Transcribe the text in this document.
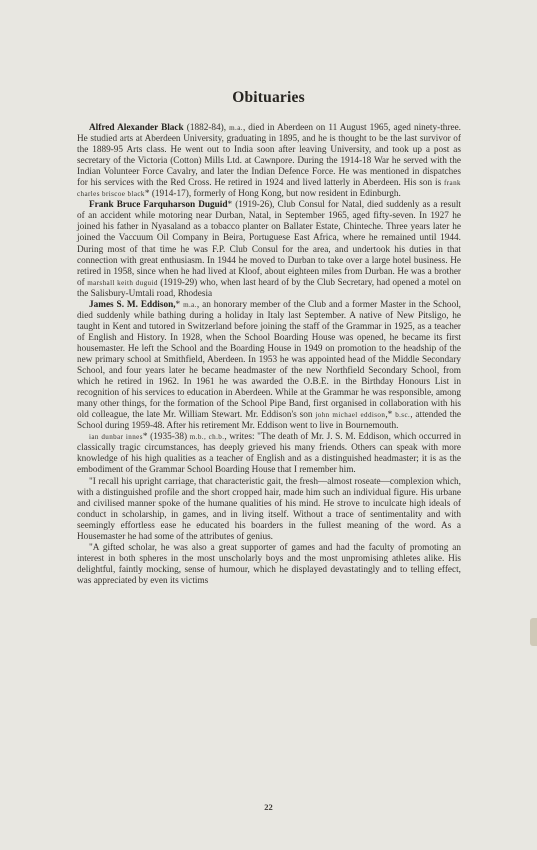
Obituaries

Alfred Alexander Black (1882-84), m.a., died in Aberdeen on 11 August 1965, aged ninety-three. He studied arts at Aberdeen University, graduating in 1895, and he is thought to be the last survivor of the 1889-95 Arts class. He went out to India soon after leaving University, and took up a post as secretary of the Victoria (Cotton) Mills Ltd. at Cawnpore. During the 1914-18 War he served with the Indian Volunteer Force Cavalry, and later the Indian Defence Force. He was mentioned in dispatches for his services with the Red Cross. He retired in 1924 and lived latterly in Aberdeen. His son is frank charles briscoe black* (1914-17), formerly of Hong Kong, but now resident in Edinburgh.

Frank Bruce Farquharson Duguid* (1919-26), Club Consul for Natal, died suddenly as a result of an accident while motoring near Durban, Natal, in September 1965, aged fifty-seven. In 1927 he joined his father in Nyasaland as a tobacco planter on Ballater Estate, Chinteche. Three years later he joined the Vaccuum Oil Company in Beira, Portuguese East Africa, where he remained until 1944. During most of that time he was F.P. Club Consul for the area, and undertook his duties in that connection with great enthusiasm. In 1944 he moved to Durban to take over a large hotel business. He retired in 1958, since when he had lived at Kloof, about eighteen miles from Durban. He was a brother of marshall keith duguid (1919-29) who, when last heard of by the Club Secretary, had opened a motel on the Salisbury-Umtali road, Rhodesia

James S. M. Eddison,* m.a., an honorary member of the Club and a former Master in the School, died suddenly while bathing during a holiday in Italy last September. A native of New Pitsligo, he taught in Kent and tutored in Switzerland before joining the staff of the Grammar in 1925, as a teacher of English and History. In 1928, when the School Boarding House was opened, he became its first housemaster. He left the School and the Boarding House in 1949 on promotion to the headship of the new primary school at Smithfield, Aberdeen. In 1953 he was appointed head of the Middle Secondary School, and four years later he became headmaster of the new Northfield Secondary School, from which he retired in 1962. In 1961 he was awarded the O.B.E. in the Birthday Honours List in recognition of his services to education in Aberdeen. While at the Grammar he was responsible, among many other things, for the formation of the School Pipe Band, first organised in collaboration with his old colleague, the late Mr. William Stewart. Mr. Eddison's son john michael eddison,* b.sc., attended the School during 1959-48. After his retirement Mr. Eddison went to live in Bournemouth.

ian dunbar innes* (1935-38) m.b., ch.b., writes: "The death of Mr. J. S. M. Eddison, which occurred in classically tragic circumstances, has deeply grieved his many friends. Others can speak with more knowledge of his high qualities as a teacher of English and as a distinguished headmaster; it is as the embodiment of the Grammar School Boarding House that I remember him.

"I recall his upright carriage, that characteristic gait, the fresh—almost roseate—complexion which, with a distinguished profile and the short cropped hair, made him such an individual figure. His urbane and civilised manner spoke of the humane qualities of his mind. He strove to inculcate high ideals of conduct in scholarship, in games, and in living itself. Without a trace of sentimentality and with seemingly effortless ease he educated his boarders in the fullest meaning of the word. As a Housemaster he had some of the attributes of genius.

"A gifted scholar, he was also a great supporter of games and had the faculty of promoting an interest in both spheres in the most unscholarly boys and the most unpromising athletes alike. His delightful, faintly mocking, sense of humour, which he displayed devastatingly and to telling effect, was appreciated by even its victims

22
